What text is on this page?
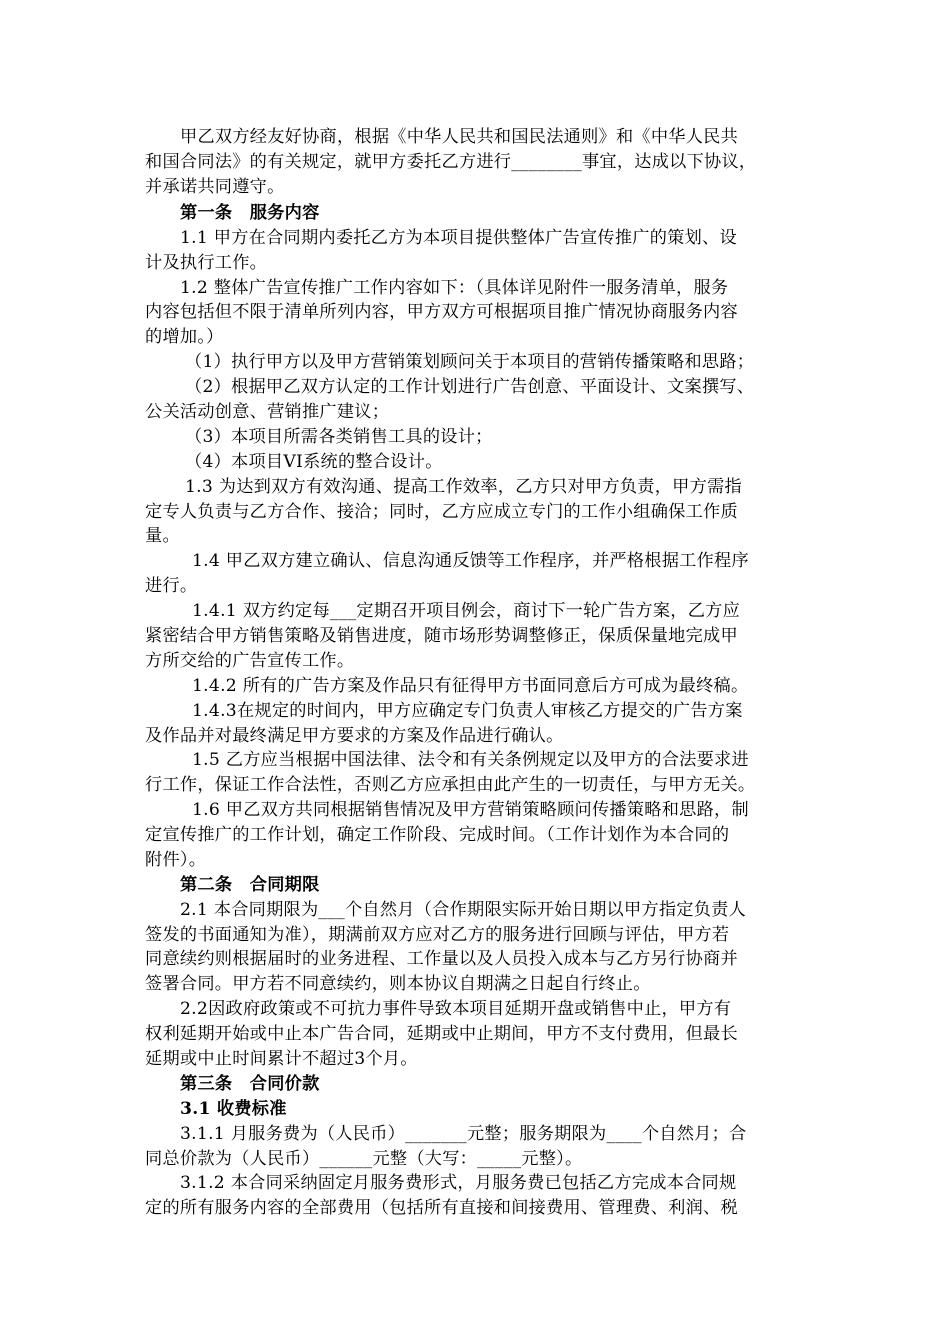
甲乙双方经友好协商，根据《中华人民共和国民法通则》和《中华人民共
和国合同法》的有关规定，就甲方委托乙方进行________事宜，达成以下协议，
并承诺共同遵守。
第一条　服务内容
1.1 甲方在合同期内委托乙方为本项目提供整体广告宣传推广的策划、设
计及执行工作。
1.2 整体广告宣传推广工作内容如下：（具体详见附件一服务清单，服务
内容包括但不限于清单所列内容，甲方双方可根据项目推广情况协商服务内容
的增加。）
（1）执行甲方以及甲方营销策划顾问关于本项目的营销传播策略和思路；
（2）根据甲乙双方认定的工作计划进行广告创意、平面设计、文案撰写、
公关活动创意、营销推广建议；
（3）本项目所需各类销售工具的设计；
（4）本项目VI系统的整合设计。
1.3 为达到双方有效沟通、提高工作效率，乙方只对甲方负责，甲方需指
定专人负责与乙方合作、接洽；同时，乙方应成立专门的工作小组确保工作质
量。
1.4 甲乙双方建立确认、信息沟通反馈等工作程序，并严格根据工作程序
进行。
1.4.1 双方约定每___定期召开项目例会，商讨下一轮广告方案，乙方应
紧密结合甲方销售策略及销售进度，随市场形势调整修正，保质保量地完成甲
方所交给的广告宣传工作。
1.4.2 所有的广告方案及作品只有征得甲方书面同意后方可成为最终稿。
1.4.3在规定的时间内，甲方应确定专门负责人审核乙方提交的广告方案
及作品并对最终满足甲方要求的方案及作品进行确认。
1.5 乙方应当根据中国法律、法令和有关条例规定以及甲方的合法要求进
行工作，保证工作合法性，否则乙方应承担由此产生的一切责任，与甲方无关。
1.6 甲乙双方共同根据销售情况及甲方营销策略顾问传播策略和思路，制
定宣传推广的工作计划，确定工作阶段、完成时间。（工作计划作为本合同的
附件）。
第二条　合同期限
2.1 本合同期限为___个自然月（合作期限实际开始日期以甲方指定负责人
签发的书面通知为准），期满前双方应对乙方的服务进行回顾与评估，甲方若
同意续约则根据届时的业务进程、工作量以及人员投入成本与乙方另行协商并
签署合同。甲方若不同意续约，则本协议自期满之日起自行终止。
2.2因政府政策或不可抗力事件导致本项目延期开盘或销售中止，甲方有
权利延期开始或中止本广告合同，延期或中止期间，甲方不支付费用，但最长
延期或中止时间累计不超过3个月。
第三条　合同价款
3.1 收费标准
3.1.1 月服务费为（人民币）_______元整；服务期限为____个自然月；合
同总价款为（人民币）______元整（大写：_____元整）。
3.1.2 本合同采纳固定月服务费形式，月服务费已包括乙方完成本合同规
定的所有服务内容的全部费用（包括所有直接和间接费用、管理费、利润、税
